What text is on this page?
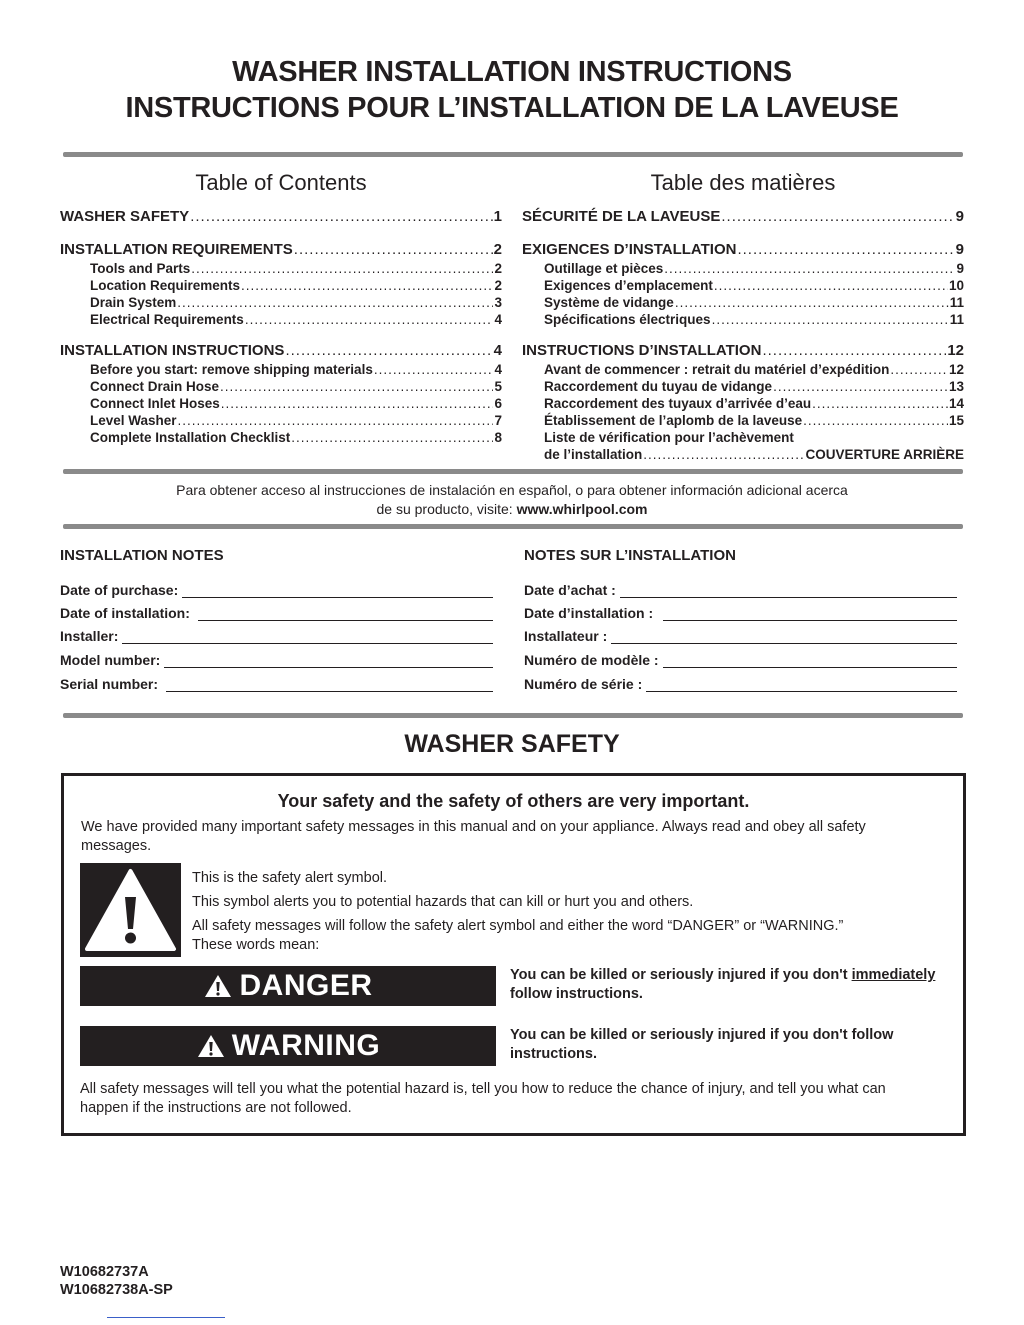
WASHER INSTALLATION INSTRUCTIONS
INSTRUCTIONS POUR L’INSTALLATION DE LA LAVEUSE
Table of Contents	Table des matières
WASHER SAFETY .....	1
INSTALLATION REQUIREMENTS .....	2
Tools and Parts .....	2
Location Requirements .....	2
Drain System .....	3
Electrical Requirements .....	4
INSTALLATION INSTRUCTIONS .....	4
Before you start: remove shipping materials .....	4
Connect Drain Hose .....	5
Connect Inlet Hoses .....	6
Level Washer .....	7
Complete Installation Checklist .....	8
SÉCURITÉ DE LA LAVEUSE .....	9
EXIGENCES D’INSTALLATION .....	9
Outillage et pièces .....	9
Exigences d’emplacement .....	10
Système de vidange .....	11
Spécifications électriques .....	11
INSTRUCTIONS D’INSTALLATION .....	12
Avant de commencer : retrait du matériel d’expédition .....	12
Raccordement du tuyau de vidange .....	13
Raccordement des tuyaux d’arrivée d’eau .....	14
Établissement de l’aplomb de la laveuse .....	15
Liste de vérification pour l’achèvement
de l’installation .....	COUVERTURE ARRIÈRE
Para obtener acceso al instrucciones de instalación en español, o para obtener información adicional acerca
de su producto, visite: www.whirlpool.com
INSTALLATION NOTES	NOTES SUR L’INSTALLATION
Date of purchase:
Date of installation:
Installer:
Model number:
Serial number:
Date d’achat :
Date d’installation :
Installateur :
Numéro de modèle :
Numéro de série :
WASHER SAFETY
Your safety and the safety of others are very important.
We have provided many important safety messages in this manual and on your appliance. Always read and obey all safety
messages.
This is the safety alert symbol.
This symbol alerts you to potential hazards that can kill or hurt you and others.
All safety messages will follow the safety alert symbol and either the word “DANGER” or “WARNING.”
These words mean:
DANGER	You can be killed or seriously injured if you don't immediately
follow instructions.
WARNING	You can be killed or seriously injured if you don't follow
instructions.
All safety messages will tell you what the potential hazard is, tell you how to reduce the chance of injury, and tell you what can
happen if the instructions are not followed.
W10682737A
W10682738A-SP
